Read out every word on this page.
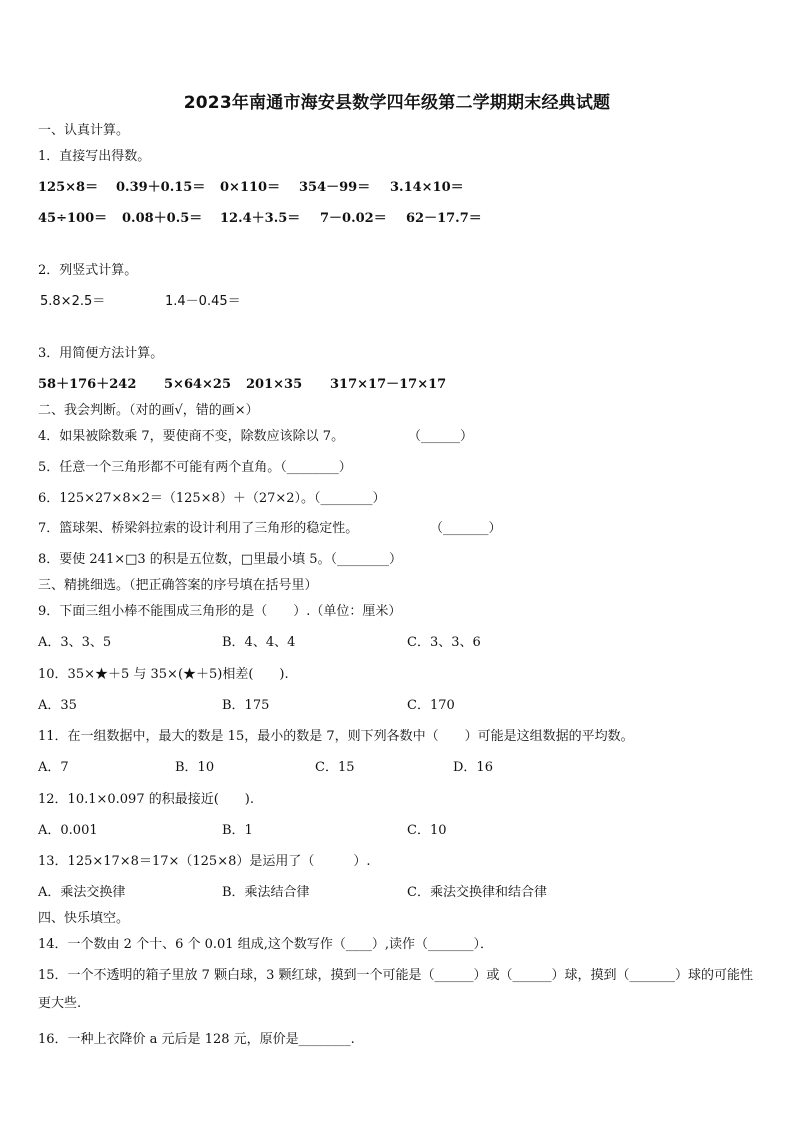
2023年南通市海安县数学四年级第二学期期末经典试题
一、认真计算。
1．直接写出得数。
125×8＝ 0.39＋0.15＝ 0×110＝ 354－99＝ 3.14×10＝
45÷100＝ 0.08＋0.5＝ 12.4＋3.5＝ 7－0.02＝ 62－17.7＝
2．列竖式计算。
5.8×2.5＝	1.4－0.45＝
3．用简便方法计算。
58＋176＋242 5×64×25 201×35 317×17－17×17
二、我会判断。（对的画√，错的画×）
4．如果被除数乘 7，要使商不变，除数应该除以 7。	（______）
5．任意一个三角形都不可能有两个直角。（________）
6．125×27×8×2＝（125×8）＋（27×2）。（________）
7．篮球架、桥梁斜拉索的设计利用了三角形的稳定性。	（_______）
8．要使 241×□3 的积是五位数，□里最小填 5。（________）
三、精挑细选。（把正确答案的序号填在括号里）
9．下面三组小棒不能围成三角形的是（　　）.（单位：厘米）
A．3、3、5	B．4、4、4	C．3、3、6
10．35×★＋5 与 35×(★＋5)相差(　　).
A．35	B．175	C．170
11．在一组数据中，最大的数是 15，最小的数是 7，则下列各数中（　　）可能是这组数据的平均数。
A．7	B．10	C．15	D．16
12．10.1×0.097 的积最接近(　　).
A．0.001	B．1	C．10
13．125×17×8＝17×（125×8）是运用了（　　　）.
A．乘法交换律	B．乘法结合律	C．乘法交换律和结合律
四、快乐填空。
14．一个数由 2 个十、6 个 0.01 组成,这个数写作（____）,读作（_______）．
15．一个不透明的箱子里放 7 颗白球，3 颗红球，摸到一个可能是（______）或（______）球，摸到（_______）球的可能性更大些.
16．一种上衣降价 a 元后是 128 元，原价是________.
